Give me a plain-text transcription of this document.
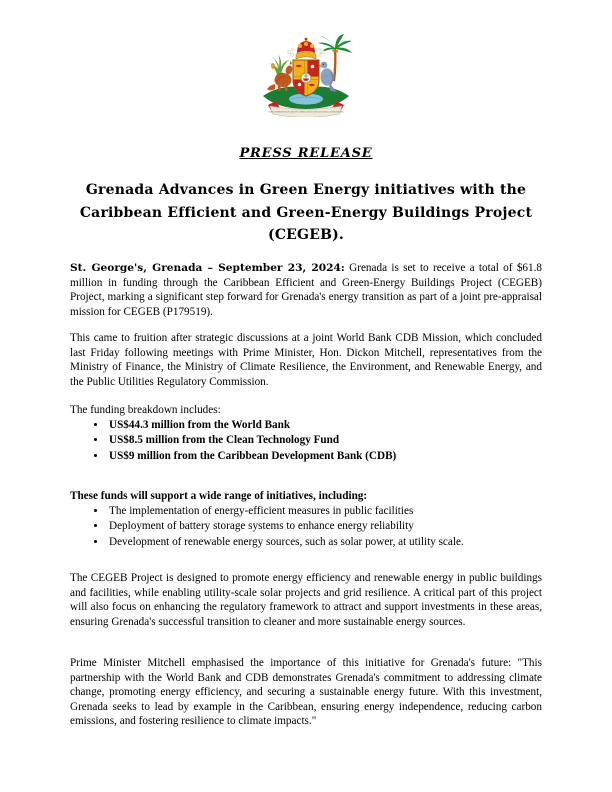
EVER CONSCIOUS OF GOD WE ASPIRE, BUILD AND ADVANCE AS ONE PEOPLE
PRESS RELEASE
Grenada Advances in Green Energy initiatives with the
Caribbean Efficient and Green-Energy Buildings Project
(CEGEB).

St. George's, Grenada – September 23, 2024: Grenada is set to receive a total of $61.8 million in funding through the Caribbean Efficient and Green-Energy Buildings Project (CEGEB) Project, marking a significant step forward for Grenada's energy transition as part of a joint pre-appraisal mission for CEGEB (P179519).

This came to fruition after strategic discussions at a joint World Bank CDB Mission, which concluded last Friday following meetings with Prime Minister, Hon. Dickon Mitchell, representatives from the Ministry of Finance, the Ministry of Climate Resilience, the Environment, and Renewable Energy, and the Public Utilities Regulatory Commission.

The funding breakdown includes:

• US$44.3 million from the World Bank
• US$8.5 million from the Clean Technology Fund
• US$9 million from the Caribbean Development Bank (CDB)

These funds will support a wide range of initiatives, including:

• The implementation of energy-efficient measures in public facilities
• Deployment of battery storage systems to enhance energy reliability
• Development of renewable energy sources, such as solar power, at utility scale.

The CEGEB Project is designed to promote energy efficiency and renewable energy in public buildings and facilities, while enabling utility-scale solar projects and grid resilience. A critical part of this project will also focus on enhancing the regulatory framework to attract and support investments in these areas, ensuring Grenada's successful transition to cleaner and more sustainable energy sources.

Prime Minister Mitchell emphasised the importance of this initiative for Grenada's future: "This partnership with the World Bank and CDB demonstrates Grenada's commitment to addressing climate change, promoting energy efficiency, and securing a sustainable energy future. With this investment, Grenada seeks to lead by example in the Caribbean, ensuring energy independence, reducing carbon emissions, and fostering resilience to climate impacts."
